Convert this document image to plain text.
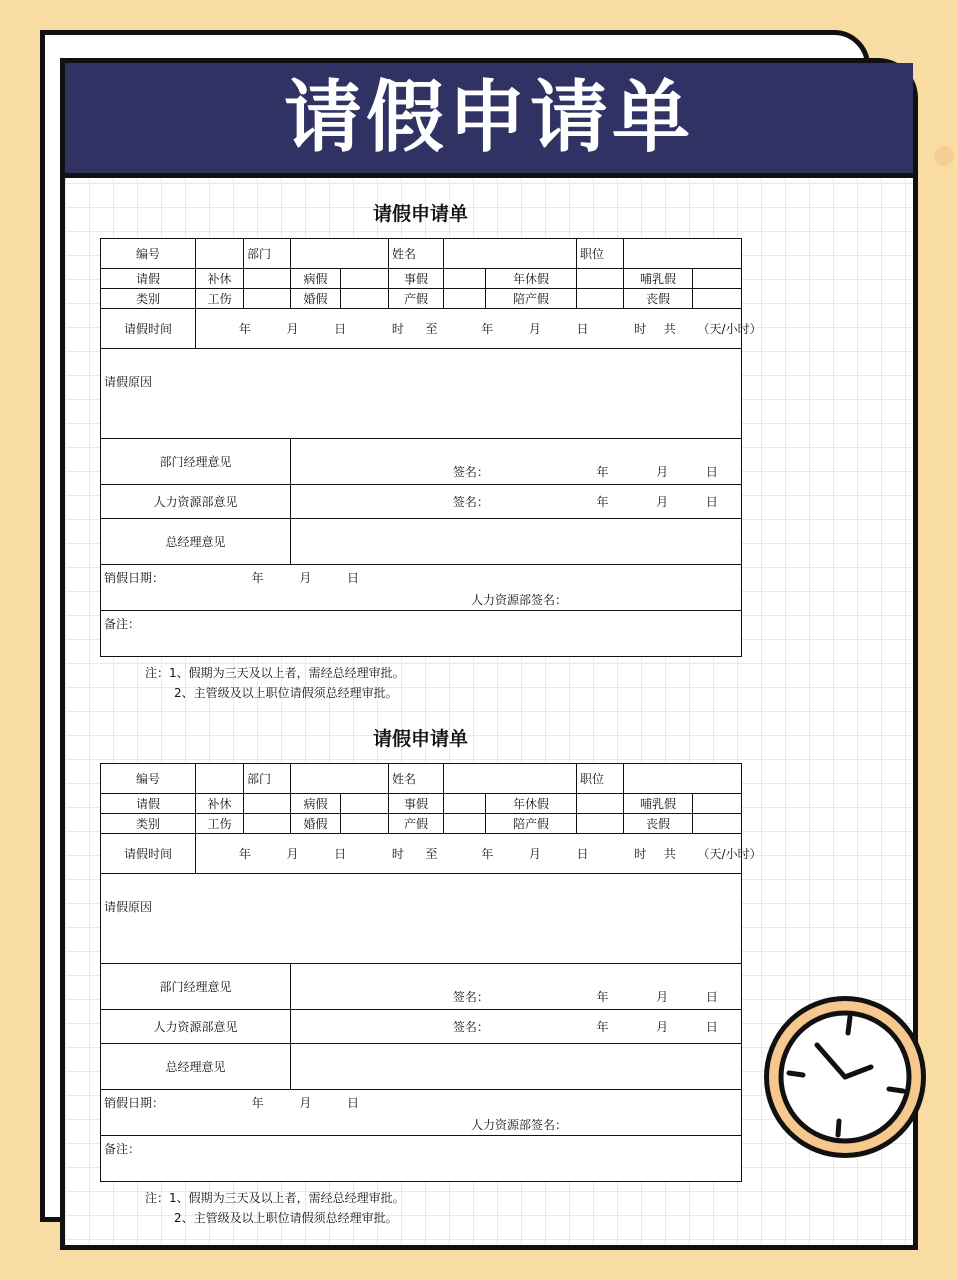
请假申请单
请假申请单
编号		部门			姓名			职位		
请假	补休		病假		事假		年休假		哺乳假	
类别	工伤		婚假		产假		陪产假		丧假	
请假时间	年 月 日 时 至 年 月 日 时 共 （天/小时）									
请假原因										
部门经理意见			签名： 年 月 日							
人力资源部意见			签名： 年 月 日							
总经理意见										
销假日期： 年 月 日
人力资源部签名：										

备注：										
注：1、假期为三天及以上者，需经总经理审批。
2、主管级及以上职位请假须总经理审批。
请假申请单
编号		部门			姓名			职位		
请假	补休		病假		事假		年休假		哺乳假	
类别	工伤		婚假		产假		陪产假		丧假	
请假时间	年 月 日 时 至 年 月 日 时 共 （天/小时）									
请假原因										
部门经理意见			签名： 年 月 日							
人力资源部意见			签名： 年 月 日							
总经理意见										
销假日期： 年 月 日
人力资源部签名：										

备注：										
注：1、假期为三天及以上者，需经总经理审批。
2、主管级及以上职位请假须总经理审批。
